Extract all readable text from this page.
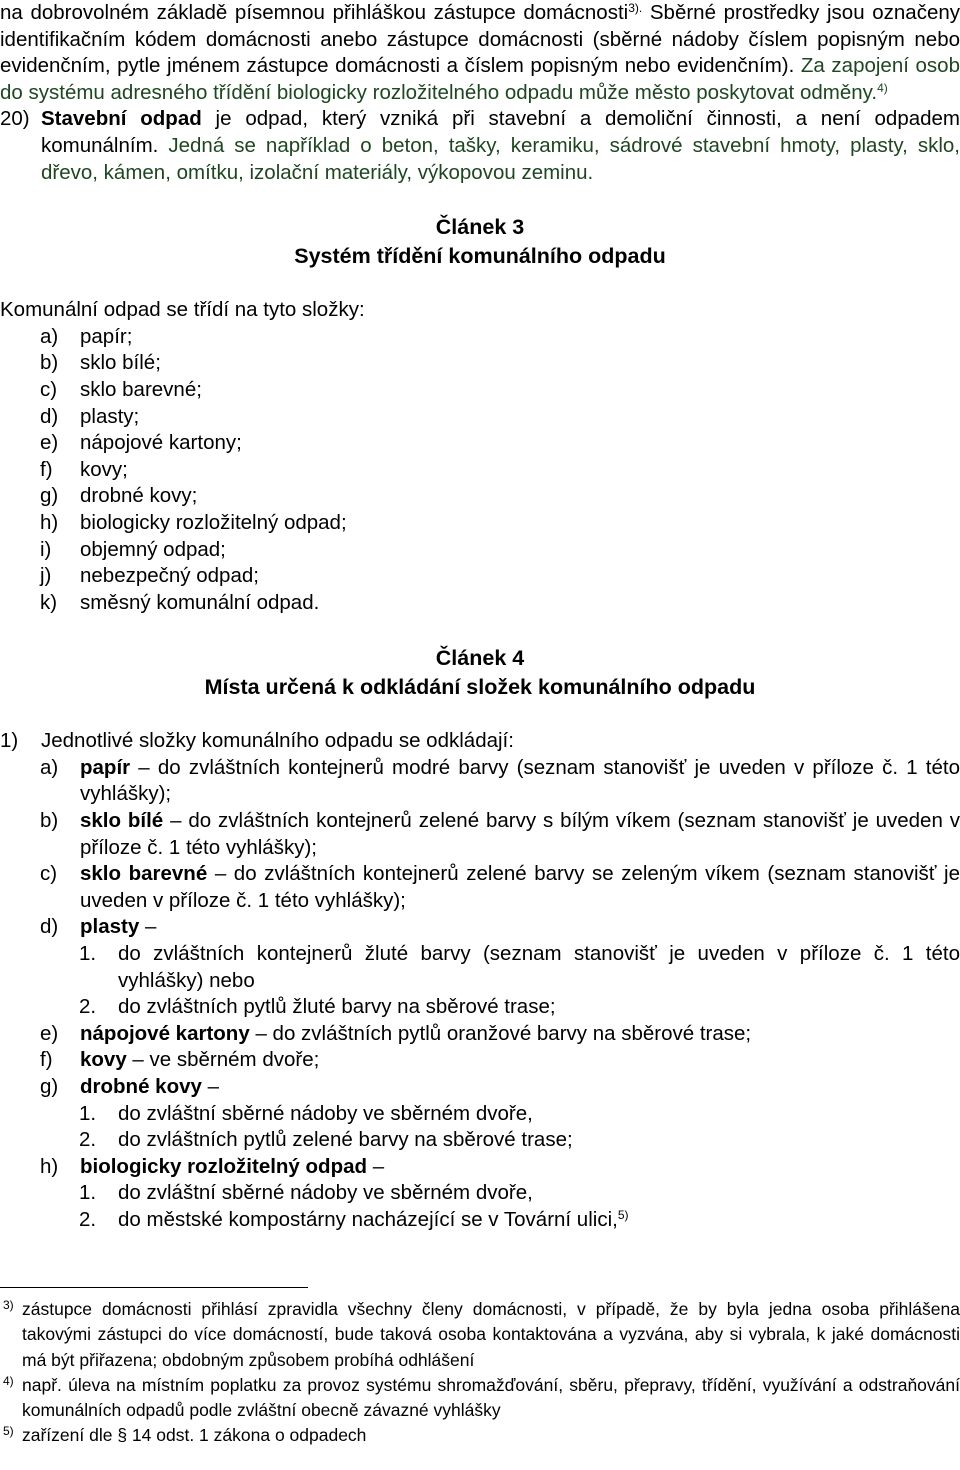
na dobrovolném základě písemnou přihláškou zástupce domácnosti$^{3).}$ Sběrné prostředky jsou označeny identifikačním kódem domácnosti anebo zástupce domácnosti (sběrné nádoby číslem popisným nebo evidenčním, pytle jménem zástupce domácnosti a číslem popisným nebo evidenčním). Za zapojení osob do systému adresného třídění biologicky rozložitelného odpadu může město poskytovat odměny.$^{4)}$

20) Stavební odpad je odpad, který vzniká při stavební a demoliční činnosti, a není odpadem komunálním. Jedná se například o beton, tašky, keramiku, sádrové stavební hmoty, plasty, sklo, dřevo, kámen, omítku, izolační materiály, výkopovou zeminu.

Článek 3
Systém třídění komunálního odpadu
Komunální odpad se třídí na tyto složky:
a) papír;
b) sklo bílé;
c) sklo barevné;
d) plasty;
e) nápojové kartony;
f) kovy;
g) drobné kovy;
h) biologicky rozložitelný odpad;
i) objemný odpad;
j) nebezpečný odpad;
k) směsný komunální odpad.
Článek 4
Místa určená k odkládání složek komunálního odpadu
1) Jednotlivé složky komunálního odpadu se odkládají:
a) papír – do zvláštních kontejnerů modré barvy (seznam stanovišť je uveden v příloze č. 1 této vyhlášky);
b) sklo bílé – do zvláštních kontejnerů zelené barvy s bílým víkem (seznam stanovišť je uveden v příloze č. 1 této vyhlášky);
c) sklo barevné – do zvláštních kontejnerů zelené barvy se zeleným víkem (seznam stanovišť je uveden v příloze č. 1 této vyhlášky);
d) plasty –
1. do zvláštních kontejnerů žluté barvy (seznam stanovišť je uveden v příloze č. 1 této vyhlášky) nebo
2. do zvláštních pytlů žluté barvy na sběrové trase;
e) nápojové kartony – do zvláštních pytlů oranžové barvy na sběrové trase;
f) kovy – ve sběrném dvoře;
g) drobné kovy –
1. do zvláštní sběrné nádoby ve sběrném dvoře,
2. do zvláštních pytlů zelené barvy na sběrové trase;
h) biologicky rozložitelný odpad –
1. do zvláštní sběrné nádoby ve sběrném dvoře,
2. do městské kompostárny nacházející se v Tovární ulici,$^{5)}$
3) zástupce domácnosti přihlásí zpravidla všechny členy domácnosti, v případě, že by byla jedna osoba přihlášena takovými zástupci do více domácností, bude taková osoba kontaktována a vyzvána, aby si vybrala, k jaké domácnosti má být přiřazena; obdobným způsobem probíhá odhlášení
4) např. úleva na místním poplatku za provoz systému shromažďování, sběru, přepravy, třídění, využívání a odstraňování komunálních odpadů podle zvláštní obecně závazné vyhlášky
5) zařízení dle § 14 odst. 1 zákona o odpadech
